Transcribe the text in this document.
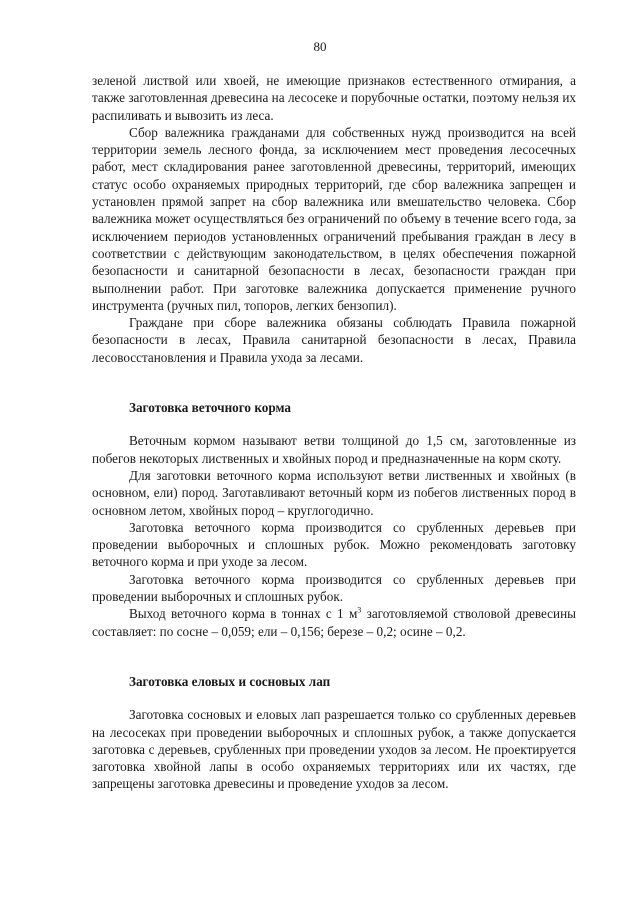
80

зеленой листвой или хвоей, не имеющие признаков естественного отмирания, а также заготовленная древесина на лесосеке и порубочные остатки, поэтому нельзя их распиливать и вывозить из леса.

Сбор валежника гражданами для собственных нужд производится на всей территории земель лесного фонда, за исключением мест проведения лесосечных работ, мест складирования ранее заготовленной древесины, территорий, имеющих статус особо охраняемых природных территорий, где сбор валежника запрещен и установлен прямой запрет на сбор валежника или вмешательство человека. Сбор валежника может осуществляться без ограничений по объему в течение всего года, за исключением периодов установленных ограничений пребывания граждан в лесу в соответствии с действующим законодательством, в целях обеспечения пожарной безопасности и санитарной безопасности в лесах, безопасности граждан при выполнении работ. При заготовке валежника допускается применение ручного инструмента (ручных пил, топоров, легких бензопил).

Граждане при сборе валежника обязаны соблюдать Правила пожарной безопасности в лесах, Правила санитарной безопасности в лесах, Правила лесовосстановления и Правила ухода за лесами.

Заготовка веточного корма

Веточным кормом называют ветви толщиной до 1,5 см, заготовленные из побегов некоторых лиственных и хвойных пород и предназначенные на корм скоту.

Для заготовки веточного корма используют ветви лиственных и хвойных (в основном, ели) пород. Заготавливают веточный корм из побегов лиственных пород в основном летом, хвойных пород – круглогодично.

Заготовка веточного корма производится со срубленных деревьев при проведении выборочных и сплошных рубок. Можно рекомендовать заготовку веточного корма и при уходе за лесом.

Заготовка веточного корма производится со срубленных деревьев при проведении выборочных и сплошных рубок.

Выход веточного корма в тоннах с 1 $м^3$ заготовляемой стволовой древесины составляет: по сосне – 0,059; ели – 0,156; березе – 0,2; осине – 0,2.

Заготовка еловых и сосновых лап

Заготовка сосновых и еловых лап разрешается только со срубленных деревьев на лесосеках при проведении выборочных и сплошных рубок, а также допускается заготовка с деревьев, срубленных при проведении уходов за лесом. Не проектируется заготовка хвойной лапы в особо охраняемых территориях или их частях, где запрещены заготовка древесины и проведение уходов за лесом.
